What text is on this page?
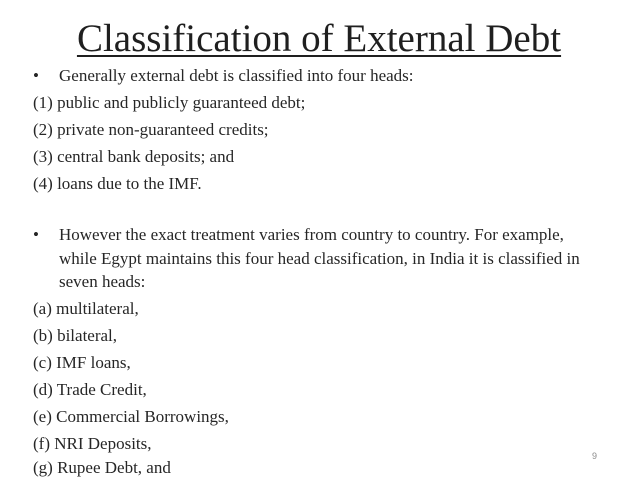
Classification of External Debt
• Generally external debt is classified into four heads:
(1) public and publicly guaranteed debt;
(2) private non-guaranteed credits;
(3) central bank deposits; and
(4) loans due to the IMF.
•	However the exact treatment varies from country to country. For example,
while Egypt maintains this four head classification, in India it is classified in
seven heads:
(a) multilateral,
(b) bilateral,
(c) IMF loans,
(d) Trade Credit,
(e) Commercial Borrowings,
(f) NRI Deposits,
(g) Rupee Debt, and
9
